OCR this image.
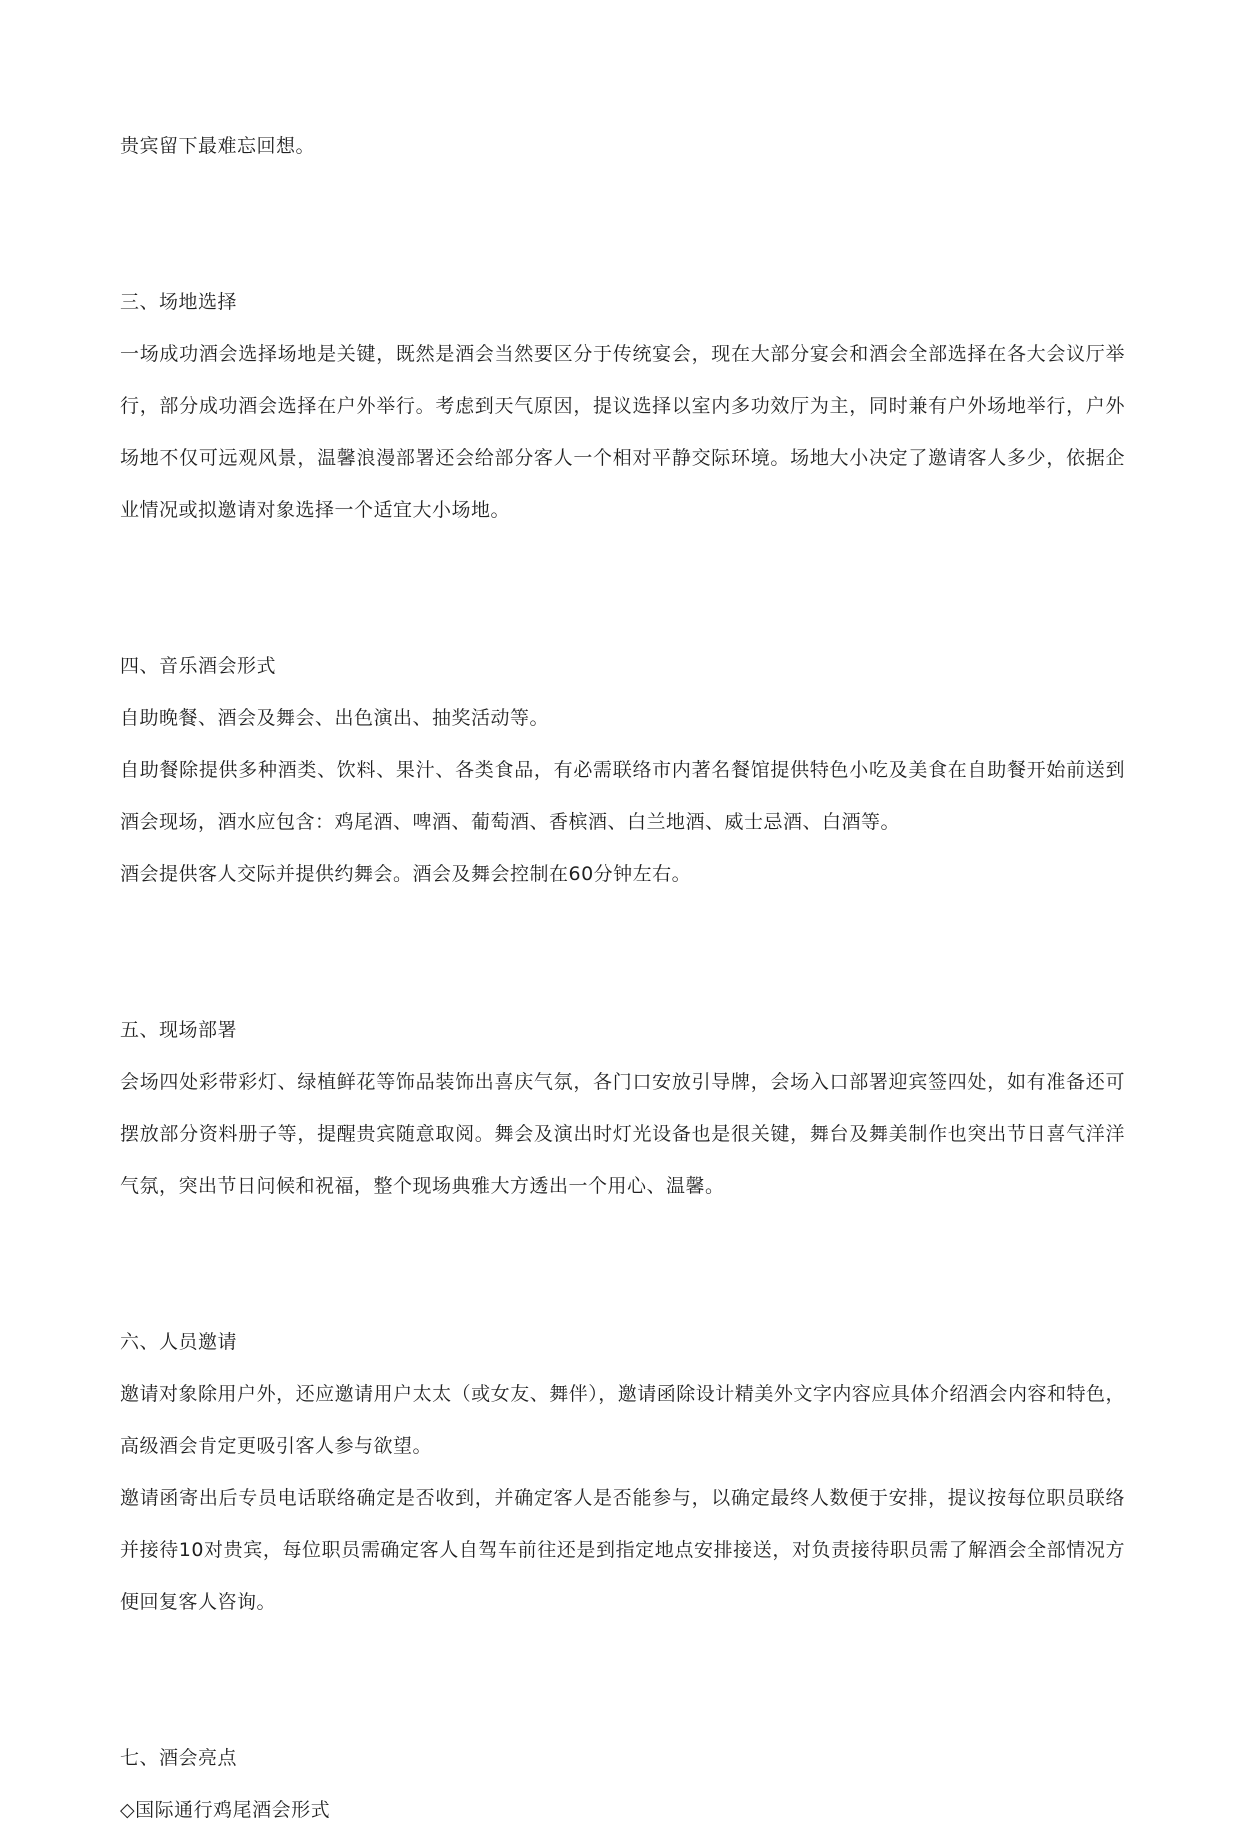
贵宾留下最难忘回想。

三、场地选择

一场成功酒会选择场地是关键，既然是酒会当然要区分于传统宴会，现在大部分宴会和酒会全部选择在各大会议厅举行，部分成功酒会选择在户外举行。考虑到天气原因，提议选择以室内多功效厅为主，同时兼有户外场地举行，户外场地不仅可远观风景，温馨浪漫部署还会给部分客人一个相对平静交际环境。场地大小决定了邀请客人多少，依据企业情况或拟邀请对象选择一个适宜大小场地。

四、音乐酒会形式

自助晚餐、酒会及舞会、出色演出、抽奖活动等。

自助餐除提供多种酒类、饮料、果汁、各类食品，有必需联络市内著名餐馆提供特色小吃及美食在自助餐开始前送到酒会现场，酒水应包含：鸡尾酒、啤酒、葡萄酒、香槟酒、白兰地酒、威士忌酒、白酒等。

酒会提供客人交际并提供约舞会。酒会及舞会控制在60分钟左右。

五、现场部署

会场四处彩带彩灯、绿植鲜花等饰品装饰出喜庆气氛，各门口安放引导牌，会场入口部署迎宾签四处，如有准备还可摆放部分资料册子等，提醒贵宾随意取阅。舞会及演出时灯光设备也是很关键，舞台及舞美制作也突出节日喜气洋洋气氛，突出节日问候和祝福，整个现场典雅大方透出一个用心、温馨。

六、人员邀请

邀请对象除用户外，还应邀请用户太太（或女友、舞伴），邀请函除设计精美外文字内容应具体介绍酒会内容和特色，高级酒会肯定更吸引客人参与欲望。

邀请函寄出后专员电话联络确定是否收到，并确定客人是否能参与，以确定最终人数便于安排，提议按每位职员联络并接待10对贵宾，每位职员需确定客人自驾车前往还是到指定地点安排接送，对负责接待职员需了解酒会全部情况方便回复客人咨询。

七、酒会亮点

◇国际通行鸡尾酒会形式
